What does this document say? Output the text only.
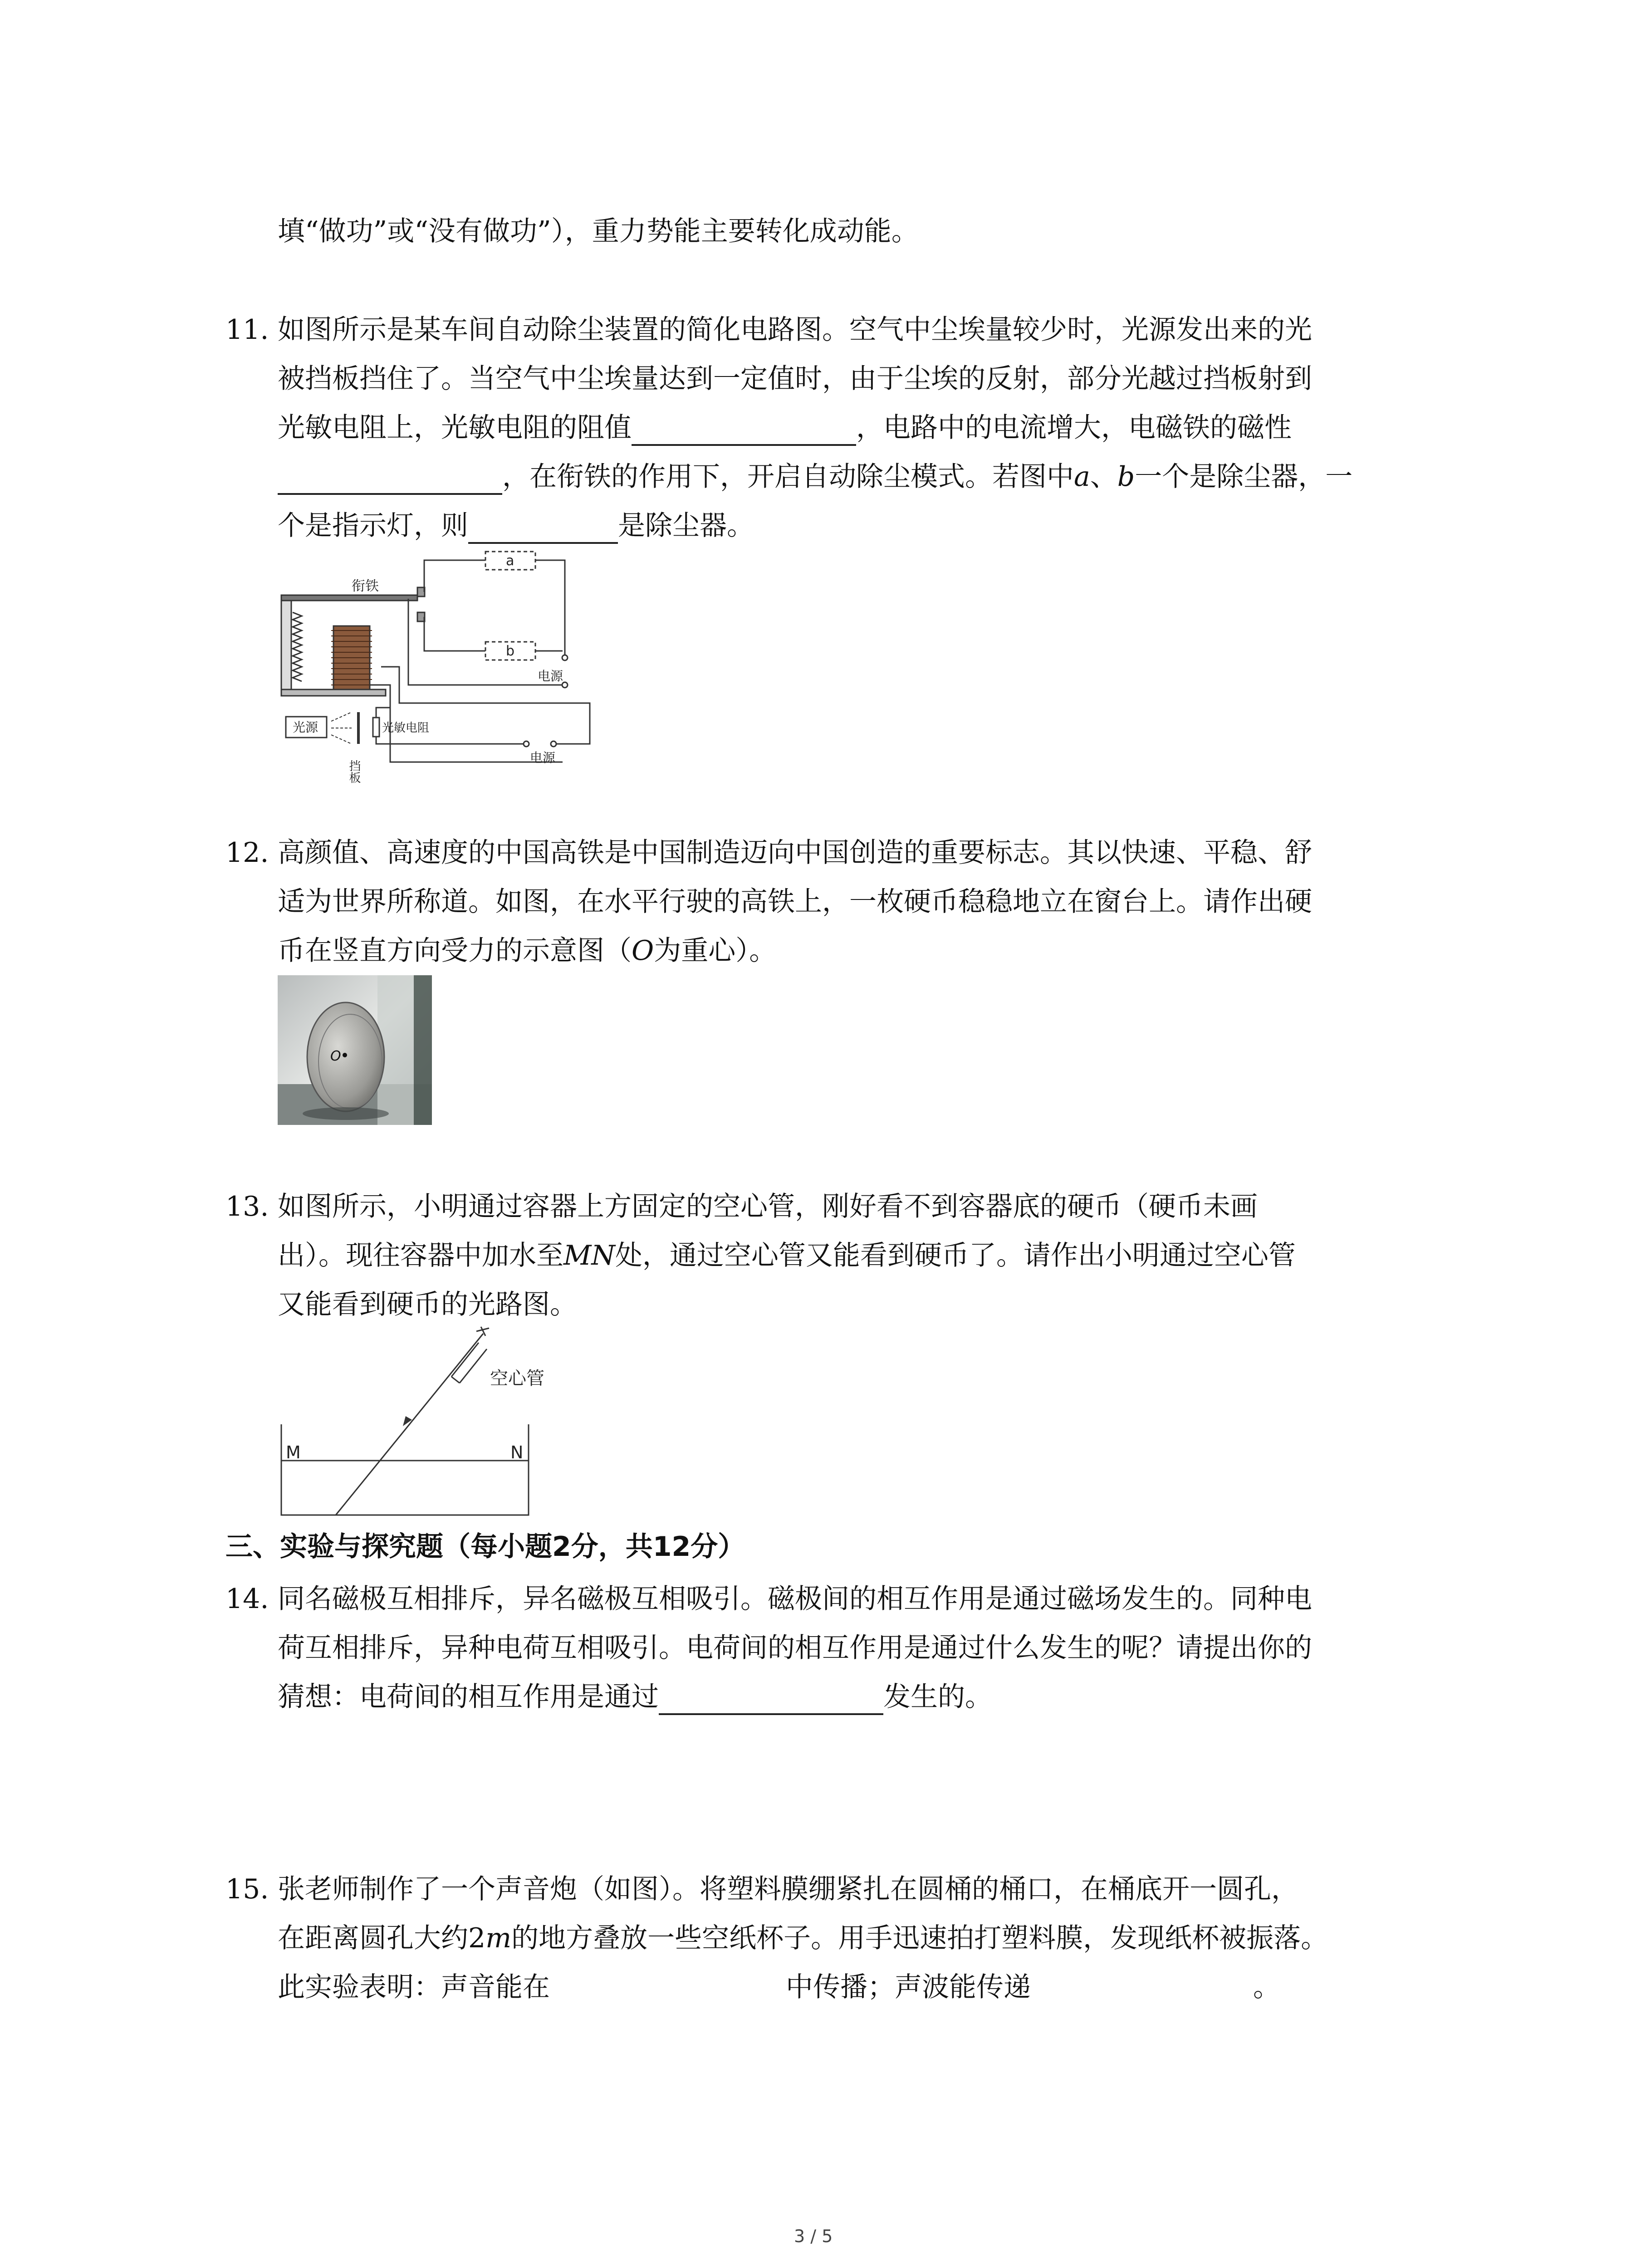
填“做功”或“没有做功”），重力势能主要转化成动能。
11. 如图所示是某车间自动除尘装置的简化电路图。空气中尘埃量较少时，光源发出来的光
被挡板挡住了。当空气中尘埃量达到一定值时，由于尘埃的反射，部分光越过挡板射到
光敏电阻上，光敏电阻的阻值	，电路中的电流增大，电磁铁的磁性
，在衔铁的作用下，开启自动除尘模式。若图中a、b一个是除尘器，一
个是指示灯，则	是除尘器。
衔铁
a
b
电源
光源	光敏电阻
电源
挡板
12. 高颜值、高速度的中国高铁是中国制造迈向中国创造的重要标志。其以快速、平稳、舒
适为世界所称道。如图，在水平行驶的高铁上，一枚硬币稳稳地立在窗台上。请作出硬
币在竖直方向受力的示意图（O为重心）。
O
13. 如图所示，小明通过容器上方固定的空心管，刚好看不到容器底的硬币（硬币未画
出）。现往容器中加水至MN处，通过空心管又能看到硬币了。请作出小明通过空心管
又能看到硬币的光路图。
空心管
M	N
三、实验与探究题（每小题2分，共12分）
14. 同名磁极互相排斥，异名磁极互相吸引。磁极间的相互作用是通过磁场发生的。同种电
荷互相排斥，异种电荷互相吸引。电荷间的相互作用是通过什么发生的呢？请提出你的
猜想：电荷间的相互作用是通过	发生的。
15. 张老师制作了一个声音炮（如图）。将塑料膜绷紧扎在圆桶的桶口，在桶底开一圆孔，
在距离圆孔大约2m的地方叠放一些空纸杯子。用手迅速拍打塑料膜，发现纸杯被振落。
此实验表明：声音能在	中传播；声波能传递	。
3 / 5
